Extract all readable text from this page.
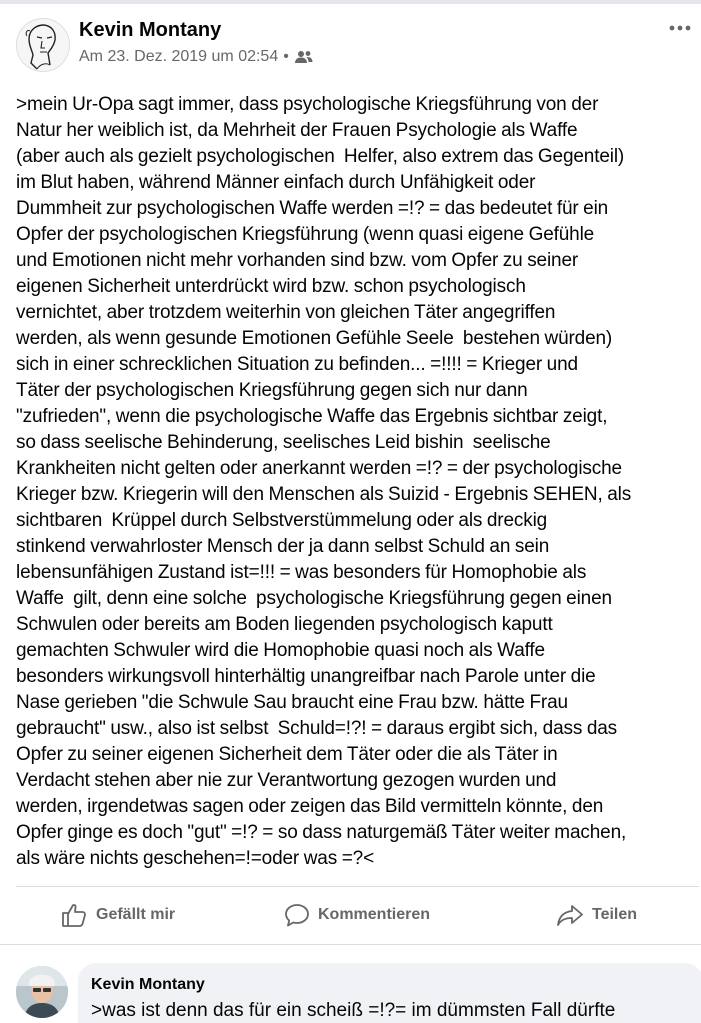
Kevin Montany
Am 23. Dez. 2019 um 02:54 •
>mein Ur-Opa sagt immer, dass psychologische Kriegsführung von der
Natur her weiblich ist, da Mehrheit der Frauen Psychologie als Waffe
(aber auch als gezielt psychologischen  Helfer, also extrem das Gegenteil)
im Blut haben, während Männer einfach durch Unfähigkeit oder
Dummheit zur psychologischen Waffe werden =!? = das bedeutet für ein
Opfer der psychologischen Kriegsführung (wenn quasi eigene Gefühle
und Emotionen nicht mehr vorhanden sind bzw. vom Opfer zu seiner
eigenen Sicherheit unterdrückt wird bzw. schon psychologisch
vernichtet, aber trotzdem weiterhin von gleichen Täter angegriffen
werden, als wenn gesunde Emotionen Gefühle Seele  bestehen würden)
sich in einer schrecklichen Situation zu befinden... =!!!! = Krieger und
Täter der psychologischen Kriegsführung gegen sich nur dann
"zufrieden", wenn die psychologische Waffe das Ergebnis sichtbar zeigt,
so dass seelische Behinderung, seelisches Leid bishin  seelische
Krankheiten nicht gelten oder anerkannt werden =!? = der psychologische
Krieger bzw. Kriegerin will den Menschen als Suizid - Ergebnis SEHEN, als
sichtbaren  Krüppel durch Selbstverstümmelung oder als dreckig
stinkend verwahrloster Mensch der ja dann selbst Schuld an sein
lebensunfähigen Zustand ist=!!! = was besonders für Homophobie als
Waffe  gilt, denn eine solche  psychologische Kriegsführung gegen einen
Schwulen oder bereits am Boden liegenden psychologisch kaputt
gemachten Schwuler wird die Homophobie quasi noch als Waffe
besonders wirkungsvoll hinterhältig unangreifbar nach Parole unter die
Nase gerieben "die Schwule Sau braucht eine Frau bzw. hätte Frau
gebraucht" usw., also ist selbst  Schuld=!?! = daraus ergibt sich, dass das
Opfer zu seiner eigenen Sicherheit dem Täter oder die als Täter in
Verdacht stehen aber nie zur Verantwortung gezogen wurden und
werden, irgendetwas sagen oder zeigen das Bild vermitteln könnte, den
Opfer ginge es doch "gut" =!? = so dass naturgemäß Täter weiter machen,
als wäre nichts geschehen=!=oder was =?<
Gefällt mir	Kommentieren	Teilen
Kevin Montany
>was ist denn das für ein scheiß =!?= im dümmsten Fall dürfte
